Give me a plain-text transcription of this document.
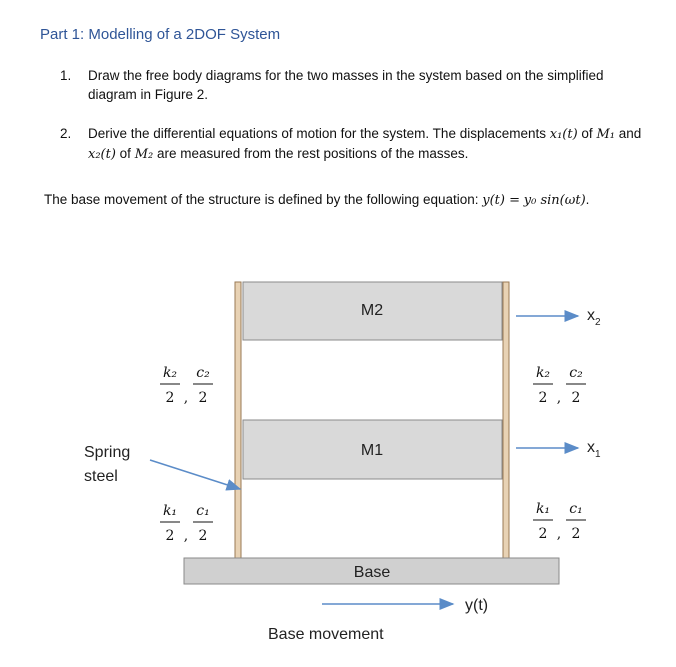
Part 1: Modelling of a 2DOF System
1. Draw the free body diagrams for the two masses in the system based on the simplified diagram in Figure 2.
2. Derive the differential equations of motion for the system. The displacements x₁(t) of M₁ and x₂(t) of M₂ are measured from the rest positions of the masses.
The base movement of the structure is defined by the following equation: y(t) = y₀ sin(ωt).
M2
M1
Base
k₂
2 ,
c₂
2
k₁
2 ,
c₁
2
k₂
2 ,
c₂
2
k₁
2 ,
c₁
2
Spring
steel
$x_2$
$x_1$
y(t)
Base movement
